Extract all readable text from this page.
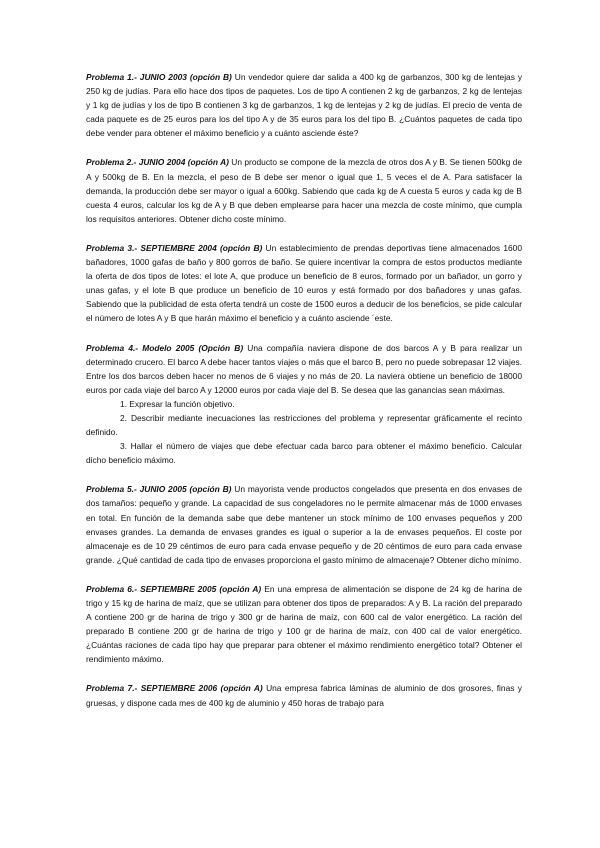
Problema 1.- JUNIO 2003 (opción B) Un vendedor quiere dar salida a 400 kg de garbanzos, 300 kg de lentejas y 250 kg de judías. Para ello hace dos tipos de paquetes. Los de tipo A contienen 2 kg de garbanzos, 2 kg de lentejas y 1 kg de judías y los de tipo B contienen 3 kg de garbanzos, 1 kg de lentejas y 2 kg de judías. El precio de venta de cada paquete es de 25 euros para los del tipo A y de 35 euros para los del tipo B. ¿Cuántos paquetes de cada tipo debe vender para obtener el máximo beneficio y a cuánto asciende éste?

Problema 2.- JUNIO 2004 (opción A) Un producto se compone de la mezcla de otros dos A y B. Se tienen 500kg de A y 500kg de B. En la mezcla, el peso de B debe ser menor o igual que 1, 5 veces el de A. Para satisfacer la demanda, la producción debe ser mayor o igual a 600kg. Sabiendo que cada kg de A cuesta 5 euros y cada kg de B cuesta 4 euros, calcular los kg de A y B que deben emplearse para hacer una mezcla de coste mínimo, que cumpla los requisitos anteriores. Obtener dicho coste mínimo.

Problema 3.- SEPTIEMBRE 2004 (opción B) Un establecimiento de prendas deportivas tiene almacenados 1600 bañadores, 1000 gafas de baño y 800 gorros de baño. Se quiere incentivar la compra de estos productos mediante la oferta de dos tipos de lotes: el lote A, que produce un beneficio de 8 euros, formado por un bañador, un gorro y unas gafas, y el lote B que produce un beneficio de 10 euros y está formado por dos bañadores y unas gafas. Sabiendo que la publicidad de esta oferta tendrá un coste de 1500 euros a deducir de los beneficios, se pide calcular el número de lotes A y B que harán máximo el beneficio y a cuánto asciende ´este.

Problema 4.- Modelo 2005 (Opción B) Una compañía naviera dispone de dos barcos A y B para realizar un determinado crucero. El barco A debe hacer tantos viajes o más que el barco B, pero no puede sobrepasar 12 viajes. Entre los dos barcos deben hacer no menos de 6 viajes y no más de 20. La naviera obtiene un beneficio de 18000 euros por cada viaje del barco A y 12000 euros por cada viaje del B. Se desea que las ganancias sean máximas.
1. Expresar la función objetivo.
2. Describir mediante inecuaciones las restricciones del problema y representar gráficamente el recinto definido.
3. Hallar el número de viajes que debe efectuar cada barco para obtener el máximo beneficio. Calcular dicho beneficio máximo.

Problema 5.- JUNIO 2005 (opción B) Un mayorista vende productos congelados que presenta en dos envases de dos tamaños: pequeño y grande. La capacidad de sus congeladores no le permite almacenar más de 1000 envases en total. En función de la demanda sabe que debe mantener un stock mínimo de 100 envases pequeños y 200 envases grandes. La demanda de envases grandes es igual o superior a la de envases pequeños. El coste por almacenaje es de 10 29 céntimos de euro para cada envase pequeño y de 20 céntimos de euro para cada envase grande. ¿Qué cantidad de cada tipo de envases proporciona el gasto mínimo de almacenaje? Obtener dicho mínimo.

Problema 6.- SEPTIEMBRE 2005 (opción A) En una empresa de alimentación se dispone de 24 kg de harina de trigo y 15 kg de harina de maíz, que se utilizan para obtener dos tipos de preparados: A y B. La ración del preparado A contiene 200 gr de harina de trigo y 300 gr de harina de maíz, con 600 cal de valor energético. La ración del preparado B contiene 200 gr de harina de trigo y 100 gr de harina de maíz, con 400 cal de valor energético. ¿Cuántas raciones de cada tipo hay que preparar para obtener el máximo rendimiento energético total? Obtener el rendimiento máximo.

Problema 7.- SEPTIEMBRE 2006 (opción A) Una empresa fabrica láminas de aluminio de dos grosores, finas y gruesas, y dispone cada mes de 400 kg de aluminio y 450 horas de trabajo para
